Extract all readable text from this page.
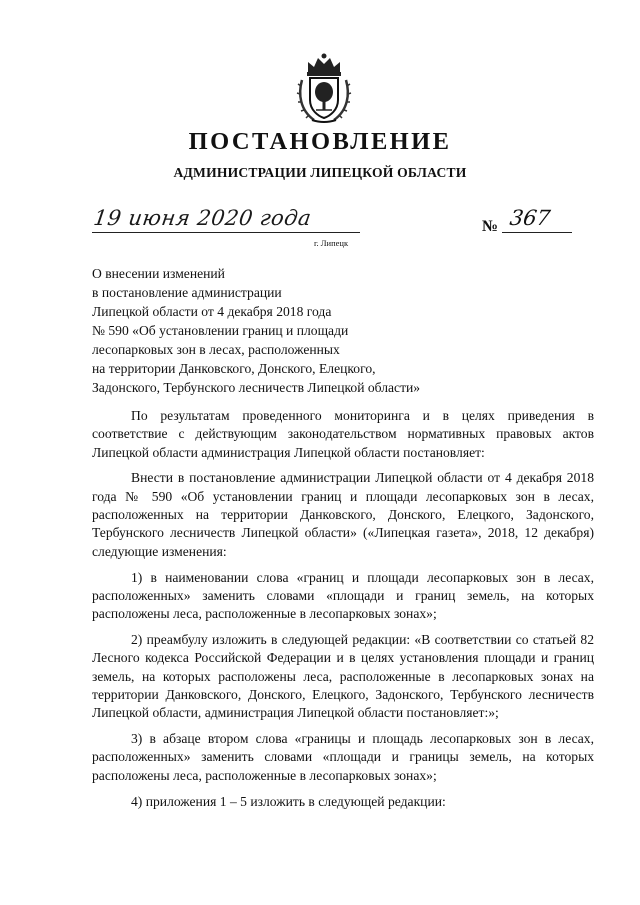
ПОСТАНОВЛЕНИЕ
АДМИНИСТРАЦИИ ЛИПЕЦКОЙ ОБЛАСТИ
19 июня 2020 года
г. Липецк
№ 367
О внесении изменений
в постановление администрации
Липецкой области от 4 декабря 2018 года
№ 590 «Об установлении границ и площади
лесопарковых зон в лесах, расположенных
на территории Данковского, Донского, Елецкого,
Задонского, Тербунского лесничеств Липецкой области»

По результатам проведенного мониторинга и в целях приведения в соответствие с действующим законодательством нормативных правовых актов Липецкой области администрация Липецкой области постановляет:

Внести в постановление администрации Липецкой области от 4 декабря 2018 года № 590 «Об установлении границ и площади лесопарковых зон в лесах, расположенных на территории Данковского, Донского, Елецкого, Задонского, Тербунского лесничеств Липецкой области» («Липецкая газета», 2018, 12 декабря) следующие изменения:

1) в наименовании слова «границ и площади лесопарковых зон в лесах, расположенных» заменить словами «площади и границ земель, на которых расположены леса, расположенные в лесопарковых зонах»;

2) преамбулу изложить в следующей редакции: «В соответствии со статьей 82 Лесного кодекса Российской Федерации и в целях установления площади и границ земель, на которых расположены леса, расположенные в лесопарковых зонах на территории Данковского, Донского, Елецкого, Задонского, Тербунского лесничеств Липецкой области, администрация Липецкой области постановляет:»;

3) в абзаце втором слова «границы и площадь лесопарковых зон в лесах, расположенных» заменить словами «площади и границы земель, на которых расположены леса, расположенные в лесопарковых зонах»;

4) приложения 1 – 5 изложить в следующей редакции:
